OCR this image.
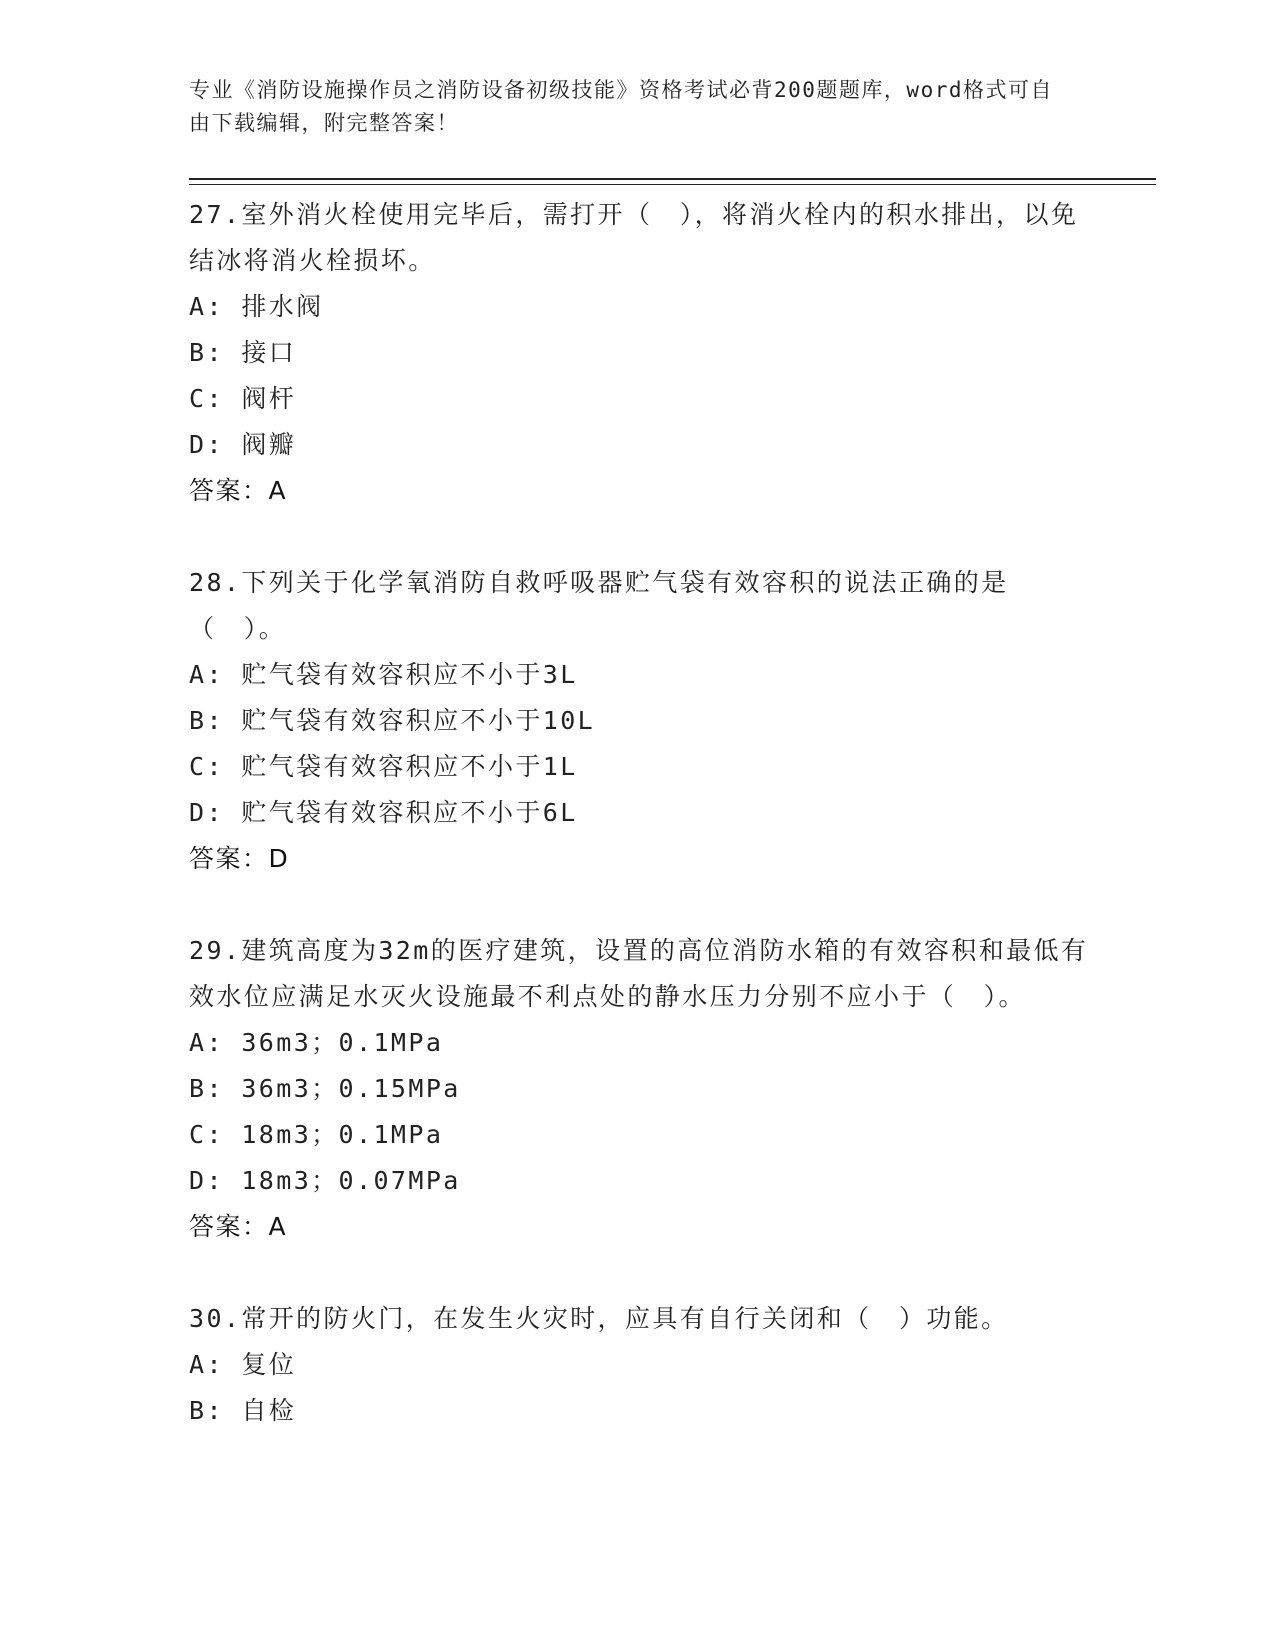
专业《消防设施操作员之消防设备初级技能》资格考试必背200题题库，word格式可自由下载编辑，附完整答案！

27.室外消火栓使用完毕后，需打开（　），将消火栓内的积水排出，以免结冰将消火栓损坏。

A: 排水阀

B: 接口

C: 阀杆

D: 阀瓣

答案：A

28.下列关于化学氧消防自救呼吸器贮气袋有效容积的说法正确的是（　）。

A: 贮气袋有效容积应不小于3L

B: 贮气袋有效容积应不小于10L

C: 贮气袋有效容积应不小于1L

D: 贮气袋有效容积应不小于6L

答案：D

29.建筑高度为32m的医疗建筑，设置的高位消防水箱的有效容积和最低有效水位应满足水灭火设施最不利点处的静水压力分别不应小于（　）。

A: 36m3；0.1MPa

B: 36m3；0.15MPa

C: 18m3；0.1MPa

D: 18m3；0.07MPa

答案：A

30.常开的防火门，在发生火灾时，应具有自行关闭和（　）功能。

A: 复位

B: 自检
